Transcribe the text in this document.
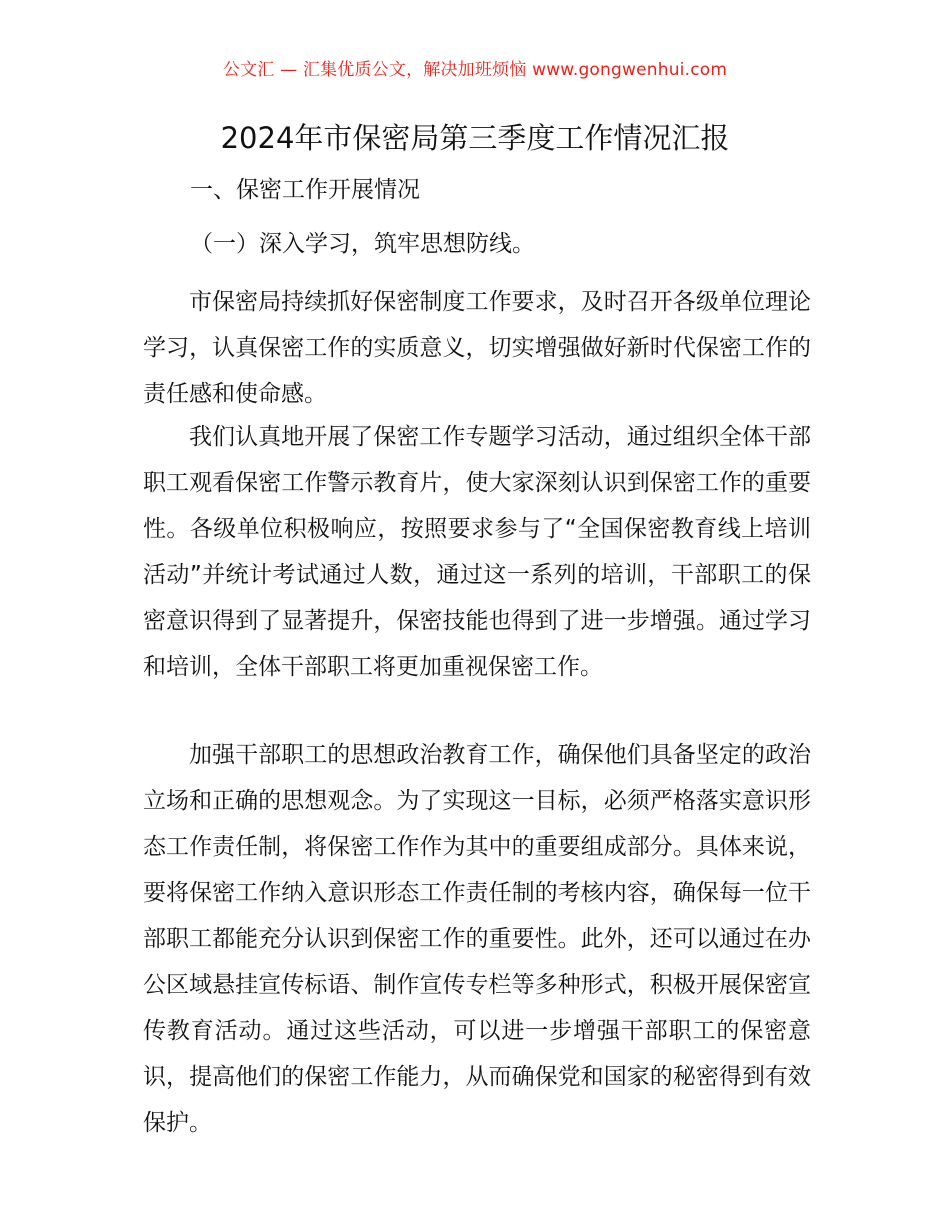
公文汇 — 汇集优质公文，解决加班烦恼 www.gongwenhui.com
2024年市保密局第三季度工作情况汇报
一、保密工作开展情况
（一）深入学习，筑牢思想防线。

市保密局持续抓好保密制度工作要求，及时召开各级单位理论学习，认真保密工作的实质意义，切实增强做好新时代保密工作的责任感和使命感。

我们认真地开展了保密工作专题学习活动，通过组织全体干部职工观看保密工作警示教育片，使大家深刻认识到保密工作的重要性。各级单位积极响应，按照要求参与了“全国保密教育线上培训活动”并统计考试通过人数，通过这一系列的培训，干部职工的保密意识得到了显著提升，保密技能也得到了进一步增强。通过学习和培训，全体干部职工将更加重视保密工作。

加强干部职工的思想政治教育工作，确保他们具备坚定的政治立场和正确的思想观念。为了实现这一目标，必须严格落实意识形态工作责任制，将保密工作作为其中的重要组成部分。具体来说，要将保密工作纳入意识形态工作责任制的考核内容，确保每一位干部职工都能充分认识到保密工作的重要性。此外，还可以通过在办公区域悬挂宣传标语、制作宣传专栏等多种形式，积极开展保密宣传教育活动。通过这些活动，可以进一步增强干部职工的保密意识，提高他们的保密工作能力，从而确保党和国家的秘密得到有效保护。
